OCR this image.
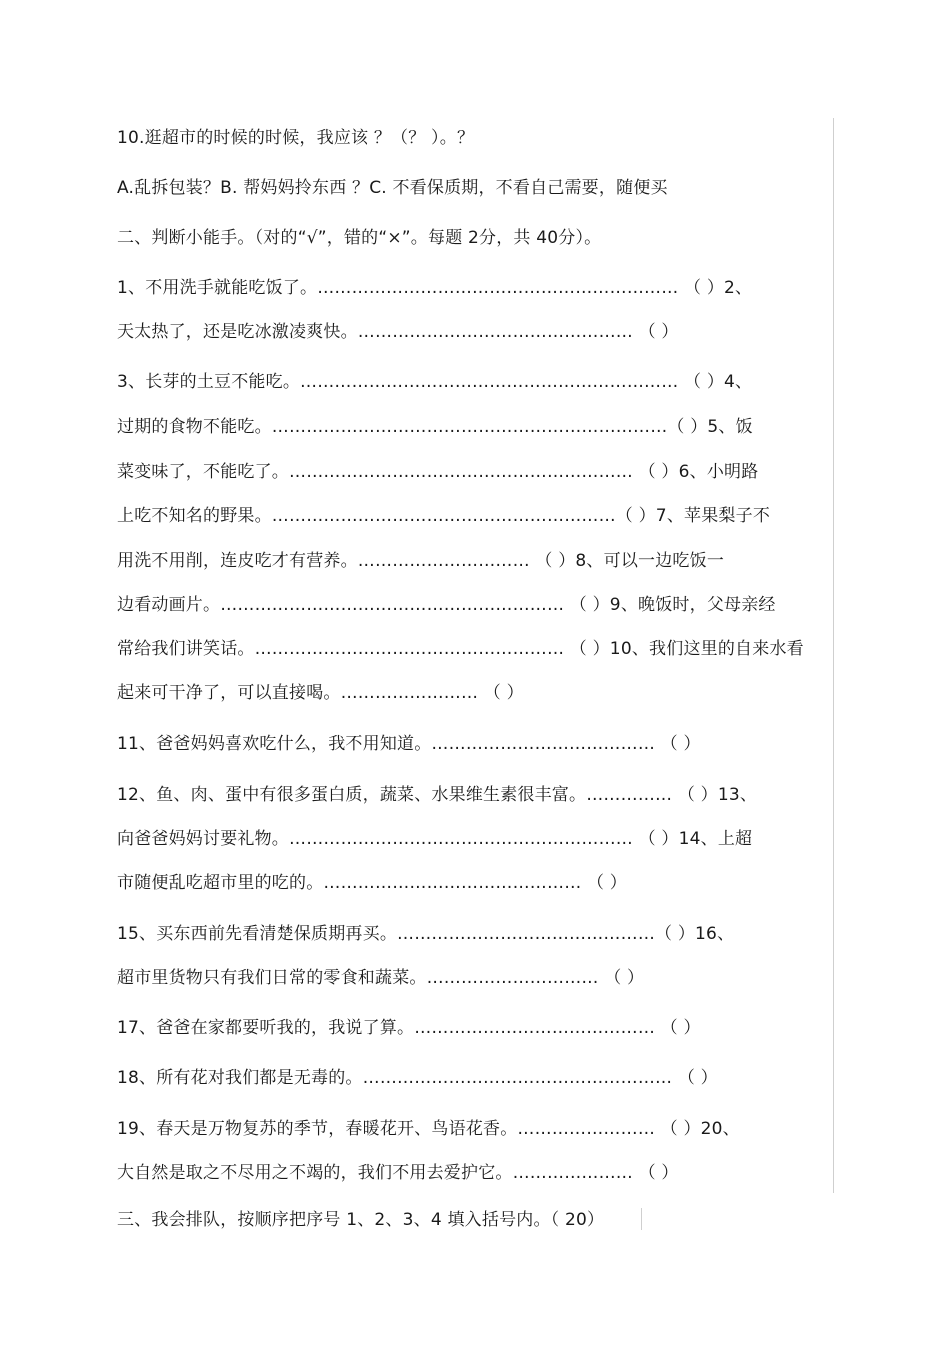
10.逛超市的时候的时候，我应该 ？（？ ）。？
A.乱拆包装？B. 帮妈妈拎东西 ？C. 不看保质期，不看自己需要，随便买
二、判断小能手。（对的“√”，错的“×”。每题 2分，共 40分）。
1、不用洗手就能吃饭了。……………………………………………………… （ ）2、
天太热了，还是吃冰激凌爽快。………………………………………… （ ）
3、长芽的土豆不能吃。………………………………………………………… （ ）4、
过期的食物不能吃。……………………………………………………………（ ）5、饭
菜变味了，不能吃了。…………………………………………………… （ ）6、小明路
上吃不知名的野果。……………………………………………………（ ）7、苹果梨子不
用洗不用削，连皮吃才有营养。………………………… （ ）8、可以一边吃饭一
边看动画片。…………………………………………………… （ ）9、晚饭时，父母亲经
常给我们讲笑话。……………………………………………… （ ）10、我们这里的自来水看
起来可干净了，可以直接喝。…………………… （ ）
11、爸爸妈妈喜欢吃什么，我不用知道。………………………………… （ ）
12、鱼、肉、蛋中有很多蛋白质，蔬菜、水果维生素很丰富。…………… （ ）13、
向爸爸妈妈讨要礼物。…………………………………………………… （ ）14、上超
市随便乱吃超市里的吃的。……………………………………… （ ）
15、买东西前先看清楚保质期再买。………………………………………（ ）16、
超市里货物只有我们日常的零食和蔬菜。………………………… （ ）
17、爸爸在家都要听我的，我说了算。…………………………………… （ ）
18、所有花对我们都是无毒的。……………………………………………… （ ）
19、春天是万物复苏的季节，春暖花开、鸟语花香。…………………… （ ）20、
大自然是取之不尽用之不竭的，我们不用去爱护它。………………… （ ）
三、我会排队，按顺序把序号 1、2、3、4 填入括号内。（ 20）
